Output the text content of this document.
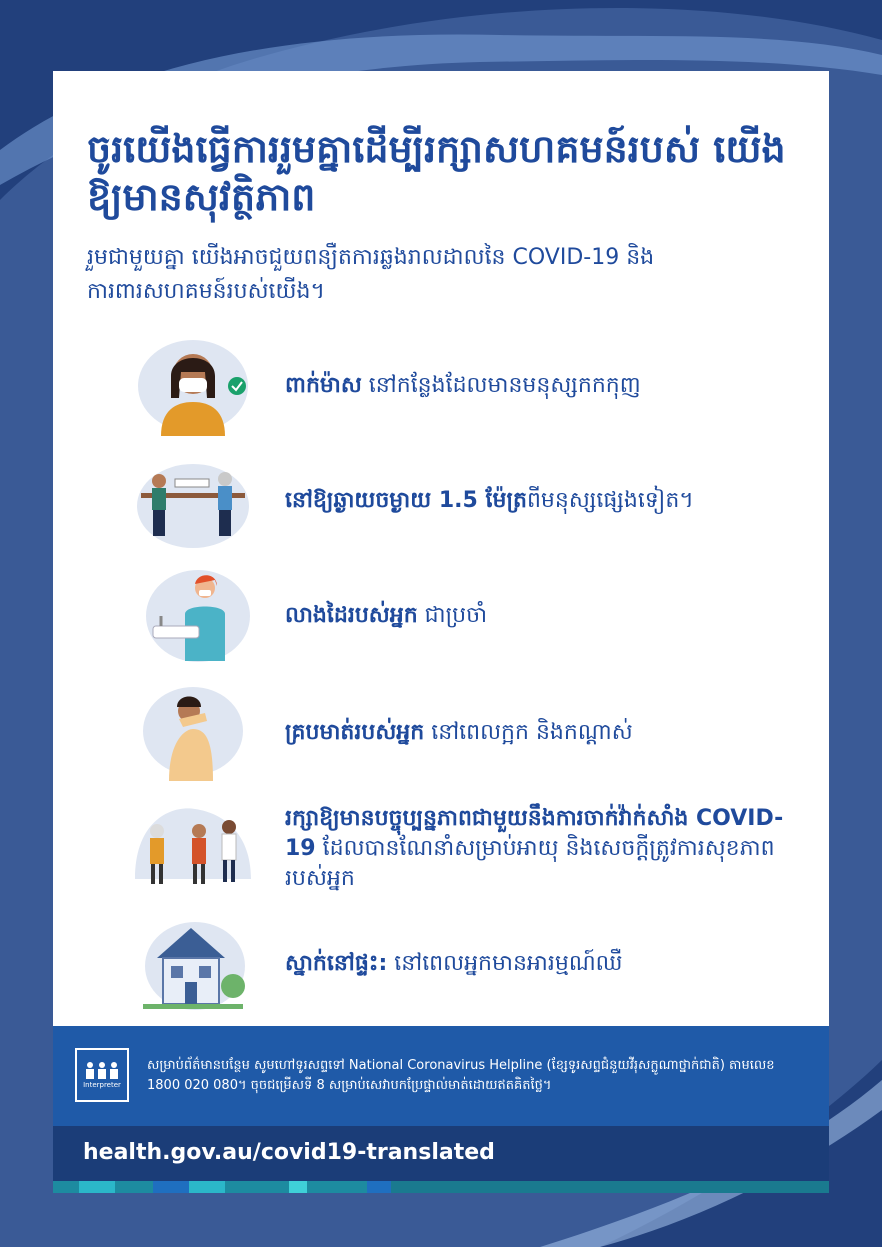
ចូរយើងធ្វើការរួមគ្នាដើម្បីរក្សាសហគមន៍របស់ យើងឱ្យមានសុវត្ថិភាព

រួមជាមួយគ្នា យើងអាចជួយពន្យឺតការឆ្លងរាលដាលនៃ COVID-19 និងការពារសហគមន៍របស់យើង។

ពាក់ម៉ាស នៅកន្លែងដែលមានមនុស្សកកកុញ
នៅឱ្យឆ្ងាយចម្ងាយ 1.5 ម៉ែត្រពីមនុស្សផ្សេងទៀត។
លាងដៃរបស់អ្នក ជាប្រចាំ
គ្របមាត់របស់អ្នក នៅពេលក្អក និងកណ្តាស់
រក្សាឱ្យមានបច្ចុប្បន្នភាពជាមួយនឹងការចាក់វ៉ាក់សាំង COVID-19 ដែលបានណែនាំសម្រាប់អាយុ និងសេចក្តីត្រូវការសុខភាពរបស់អ្នក
ស្នាក់នៅផ្ទះ: នៅពេលអ្នកមានអារម្មណ៍ឈឺ
Interpreter
សម្រាប់ព័ត៌មានបន្ថែម សូមហៅទូរសព្ទទៅ National Coronavirus Helpline (ខ្សែទូរសព្ទជំនួយវីរុសក្លូណាថ្នាក់ជាតិ) តាមលេខ 1800 020 080។ ចុចជម្រើសទី 8 សម្រាប់សេវាបកប្រែផ្ទាល់មាត់ដោយឥតគិតថ្លៃ។
health.gov.au/covid19-translated
